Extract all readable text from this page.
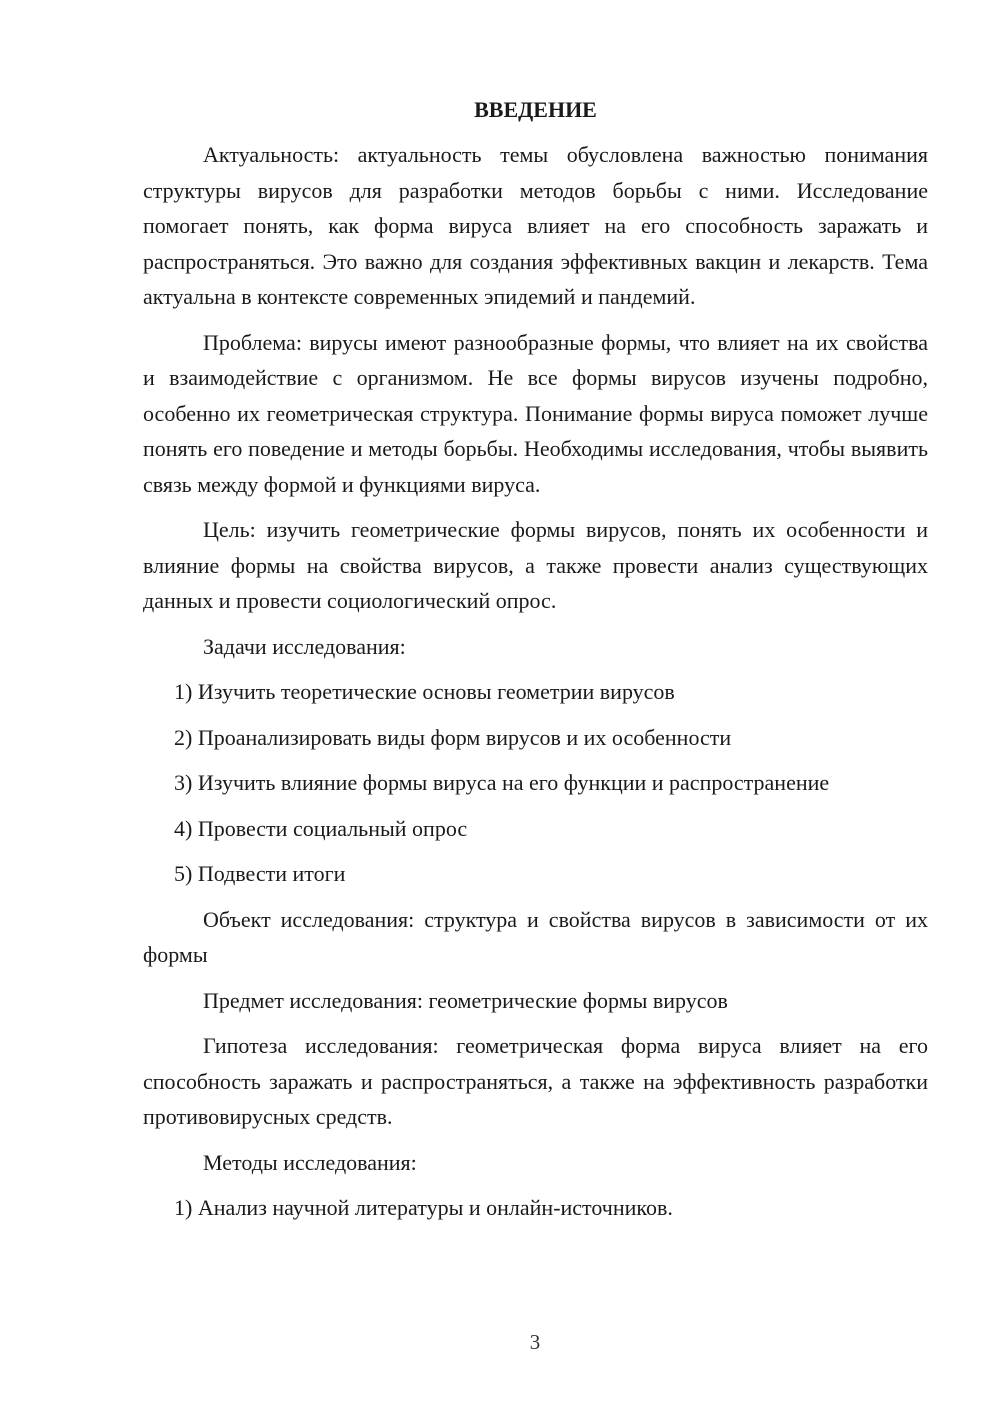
ВВЕДЕНИЕ

Актуальность: актуальность темы обусловлена важностью понимания структуры вирусов для разработки методов борьбы с ними. Исследование помогает понять, как форма вируса влияет на его способность заражать и распространяться. Это важно для создания эффективных вакцин и лекарств. Тема актуальна в контексте современных эпидемий и пандемий.

Проблема: вирусы имеют разнообразные формы, что влияет на их свойства и взаимодействие с организмом. Не все формы вирусов изучены подробно, особенно их геометрическая структура. Понимание формы вируса поможет лучше понять его поведение и методы борьбы. Необходимы исследования, чтобы выявить связь между формой и функциями вируса.

Цель: изучить геометрические формы вирусов, понять их особенности и влияние формы на свойства вирусов, а также провести анализ существующих данных и провести социологический опрос.

Задачи исследования:
1) Изучить теоретические основы геометрии вирусов
2) Проанализировать виды форм вирусов и их особенности
3) Изучить влияние формы вируса на его функции и распространение
4) Провести социальный опрос
5) Подвести итоги

Объект исследования: структура и свойства вирусов в зависимости от их формы

Предмет исследования: геометрические формы вирусов

Гипотеза исследования: геометрическая форма вируса влияет на его способность заражать и распространяться, а также на эффективность разработки противовирусных средств.

Методы исследования:
1) Анализ научной литературы и онлайн-источников.
3
